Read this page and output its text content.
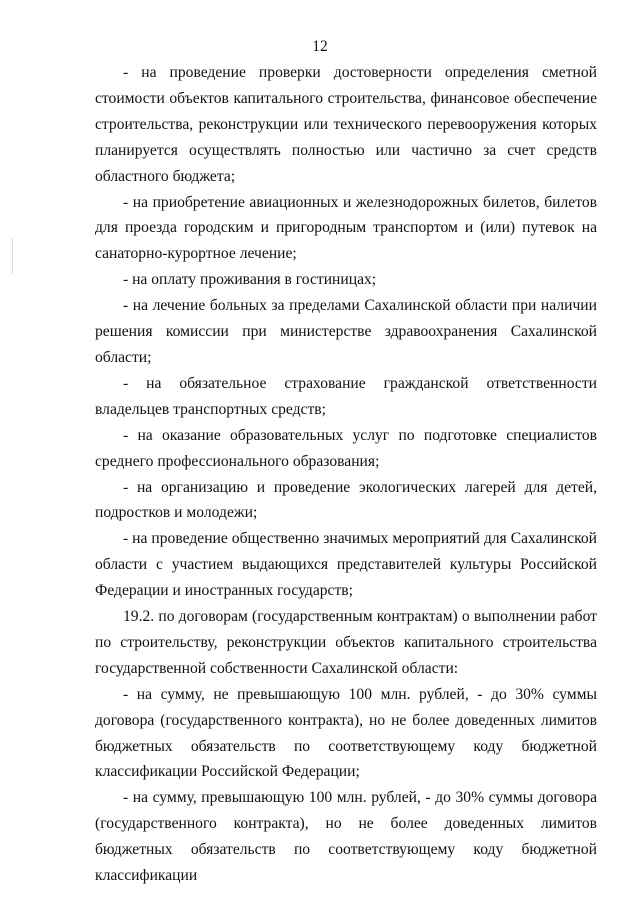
12

- на проведение проверки достоверности определения сметной стоимости объектов капитального строительства, финансовое обеспечение строительства, реконструкции или технического перевооружения которых планируется осуществлять полностью или частично за счет средств областного бюджета;

- на приобретение авиационных и железнодорожных билетов, билетов для проезда городским и пригородным транспортом и (или) путевок на санаторно-курортное лечение;

- на оплату проживания в гостиницах;

- на лечение больных за пределами Сахалинской области при наличии решения комиссии при министерстве здравоохранения Сахалинской области;

- на обязательное страхование гражданской ответственности владельцев транспортных средств;

- на оказание образовательных услуг по подготовке специалистов среднего профессионального образования;

- на организацию и проведение экологических лагерей для детей, подростков и молодежи;

- на проведение общественно значимых мероприятий для Сахалинской области с участием выдающихся представителей культуры Российской Федерации и иностранных государств;

19.2. по договорам (государственным контрактам) о выполнении работ по строительству, реконструкции объектов капитального строительства государственной собственности Сахалинской области:

- на сумму, не превышающую 100 млн. рублей, - до 30% суммы договора (государственного контракта), но не более доведенных лимитов бюджетных обязательств по соответствующему коду бюджетной классификации Российской Федерации;

- на сумму, превышающую 100 млн. рублей, - до 30% суммы договора (государственного контракта), но не более доведенных лимитов бюджетных обязательств по соответствующему коду бюджетной классификации
